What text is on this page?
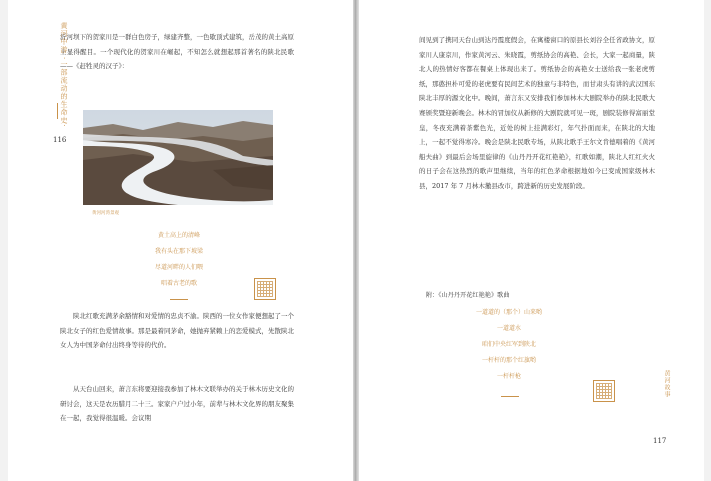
黄河中游 ·一部流动的生命史·
116
沂河坝下的贺家川是一群白色房子，绿建齐整，一色歇顶式建筑，岳茂的黄土高原上显得醒目。一个现代化的贺家川在崛起，不知怎么就想起那首著名的陕北民歌——《赶牲灵的汉子》：
黄河河湾景观
黄土高上的清峰
我有头在那下坡梁
尽道河畔的人们喂
唱着古老的歌
陕北红歌充满茅余豁情和对爱情的忠贞不渝。陕西的一位女作家便想起了一个陕北女子的红色爱情故事。那是最着同茅命，她抛弃紧赖上的恋爱模式，先散陕北女人为中国茅命付出终身等待的代价。
从天台山回来，萧言东将要迎接我参加了林木文联举办的关于林木历史文化的研讨会，这天是农历腊月二十三。家家户户过小年，前辈与林木文化界的朋友聚集在一起，我觉得很温暖。会议期
间见到了携同天台山到达丹霞度假会，在寓楼窗口的原县长刘谷全任省政协文，原家川人康京川，作家黄河云、朱晓霞，剪纸协会的高艳、会长，大家一起商量，陕北人的热情好客都在餐桌上体现出来了。剪纸协会的高艳女士送给我一张老虎剪纸，那憨担朴可爱的老虎要有民间艺术的独童与非特色，而甘肃头有讲的武汉国东陕北丰厚的源文化中。晚间，萧言东又安排我们参加林木大剧院举办的陕北民歌大赛颁奖暨迎新晚会。林木的冒加仪从新修的大剧院就可见一斑，剧院装修得富丽堂皇，冬夜充满着茶紫色光，近处的树上挂满彩灯，年气扑面而来，在陕北的大地上，一起不觉得寒冷。晚会是陕北民歌专场，从陕北歌手王尔文肯德唱着的《黄河船夫曲》到最后会场里旋律的《山丹丹开花红艳艳》，红歌如潮，陕北人红红火火的日子会在这热烈的歌声里继续，当年的红色茅命根据地如今已变成国家级林木县，2017 年 7 月林木撤县改市，跨进新的历史发展阶段。
附：《山丹丹开花红艳艳》歌曲
一道道的（那个）山来哟
一道道水
咱们中央红军到陕北
一杆杆的那个红旗哟
一杆杆枪	黄河故事
117
